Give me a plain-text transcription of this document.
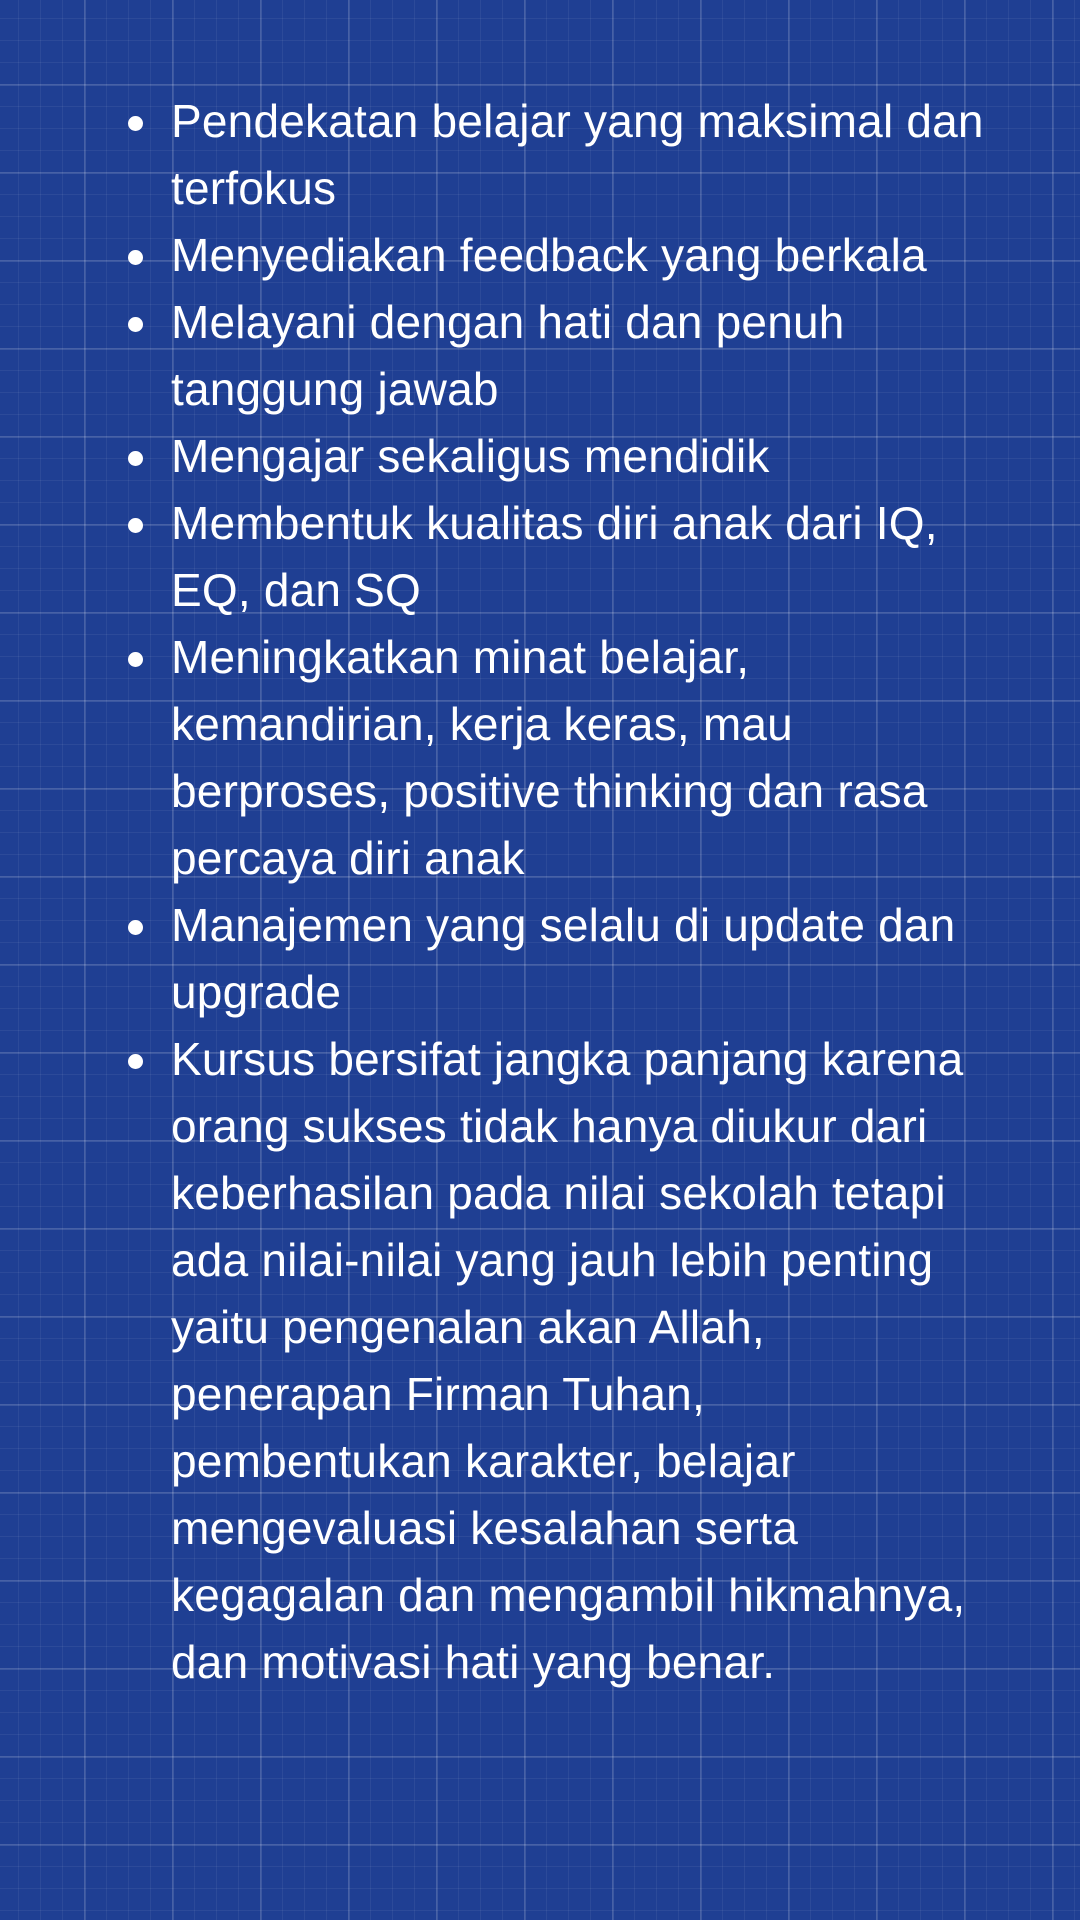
Pendekatan belajar yang maksimal dan terfokus
Menyediakan feedback yang berkala
Melayani dengan hati dan penuh tanggung jawab
Mengajar sekaligus mendidik
Membentuk kualitas diri anak dari IQ, EQ, dan SQ
Meningkatkan minat belajar, kemandirian, kerja keras, mau berproses, positive thinking dan rasa percaya diri anak
Manajemen yang selalu di update dan upgrade
Kursus bersifat jangka panjang karena orang sukses tidak hanya diukur dari keberhasilan pada nilai sekolah tetapi ada nilai-nilai yang jauh lebih penting yaitu pengenalan akan Allah, penerapan Firman Tuhan, pembentukan karakter, belajar mengevaluasi kesalahan serta kegagalan dan mengambil hikmahnya, dan motivasi hati yang benar.
